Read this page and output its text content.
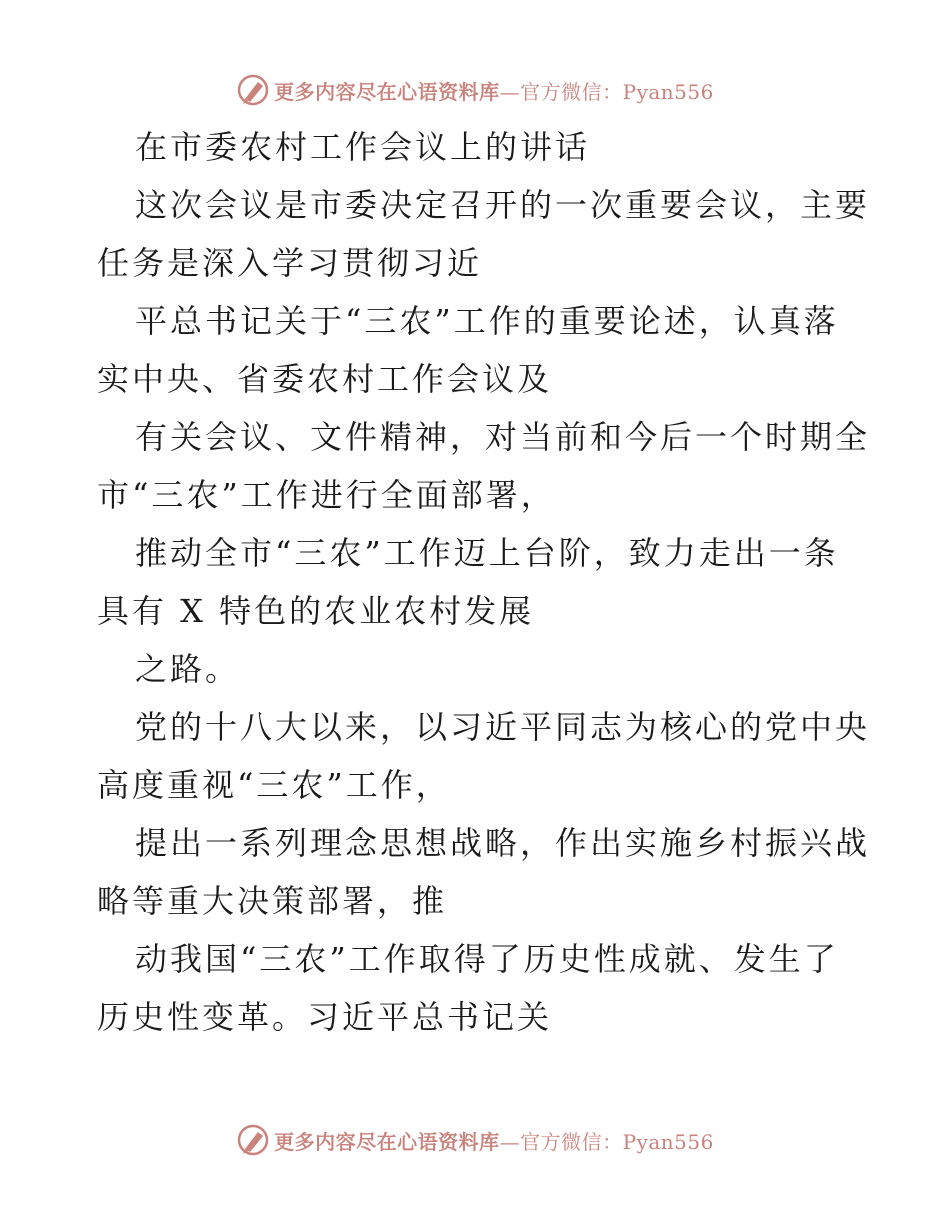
更多内容尽在心语资料库—官方微信：Pyan556
在市委农村工作会议上的讲话
这次会议是市委决定召开的一次重要会议，主要
任务是深入学习贯彻习近
平总书记关于“三农”工作的重要论述，认真落
实中央、省委农村工作会议及
有关会议、文件精神，对当前和今后一个时期全
市“三农”工作进行全面部署，
推动全市“三农”工作迈上台阶，致力走出一条
具有 X 特色的农业农村发展
之路。
党的十八大以来，以习近平同志为核心的党中央
高度重视“三农”工作，
提出一系列理念思想战略，作出实施乡村振兴战
略等重大决策部署，推
动我国“三农”工作取得了历史性成就、发生了
历史性变革。习近平总书记关
更多内容尽在心语资料库—官方微信：Pyan556
